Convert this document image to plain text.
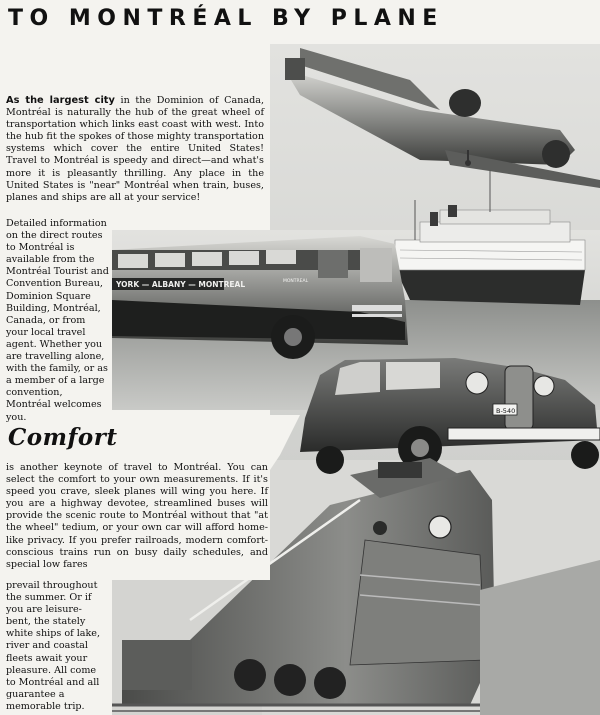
YORK — ALBANY — MONTREAL	MONTREAL
B-540
TO MONTRÉAL BY PLANE
As the largest city in the Dominion of Canada, Montréal is naturally the hub of the great wheel of transportation which links east coast with west. Into the hub fit the spokes of those mighty transportation systems which cover the entire United States! Travel to Montréal is speedy and direct—and what's more it is pleasantly thrilling. Any place in the United States is "near" Montréal when train, buses, planes and ships are all at your service!
Detailed information on the direct routes to Montréal is available from the Montréal Tourist and Convention Bureau, Dominion Square Building, Montréal, Canada, or from your local travel agent. Whether you are travelling alone, with the family, or as a member of a large convention, Montréal welcomes you.
Comfort
is another keynote of travel to Montréal. You can select the comfort to your own measurements. If it's speed you crave, sleek planes will wing you here. If you are a highway devotee, streamlined buses will provide the scenic route to Montréal without that "at the wheel" tedium, or your own car will afford home-like privacy. If you prefer railroads, modern comfort-conscious trains run on busy daily schedules, and special low fares
prevail throughout the summer. Or if you are leisure-bent, the stately white ships of lake, river and coastal fleets await your pleasure. All come to Montréal and all guarantee a memorable trip.
